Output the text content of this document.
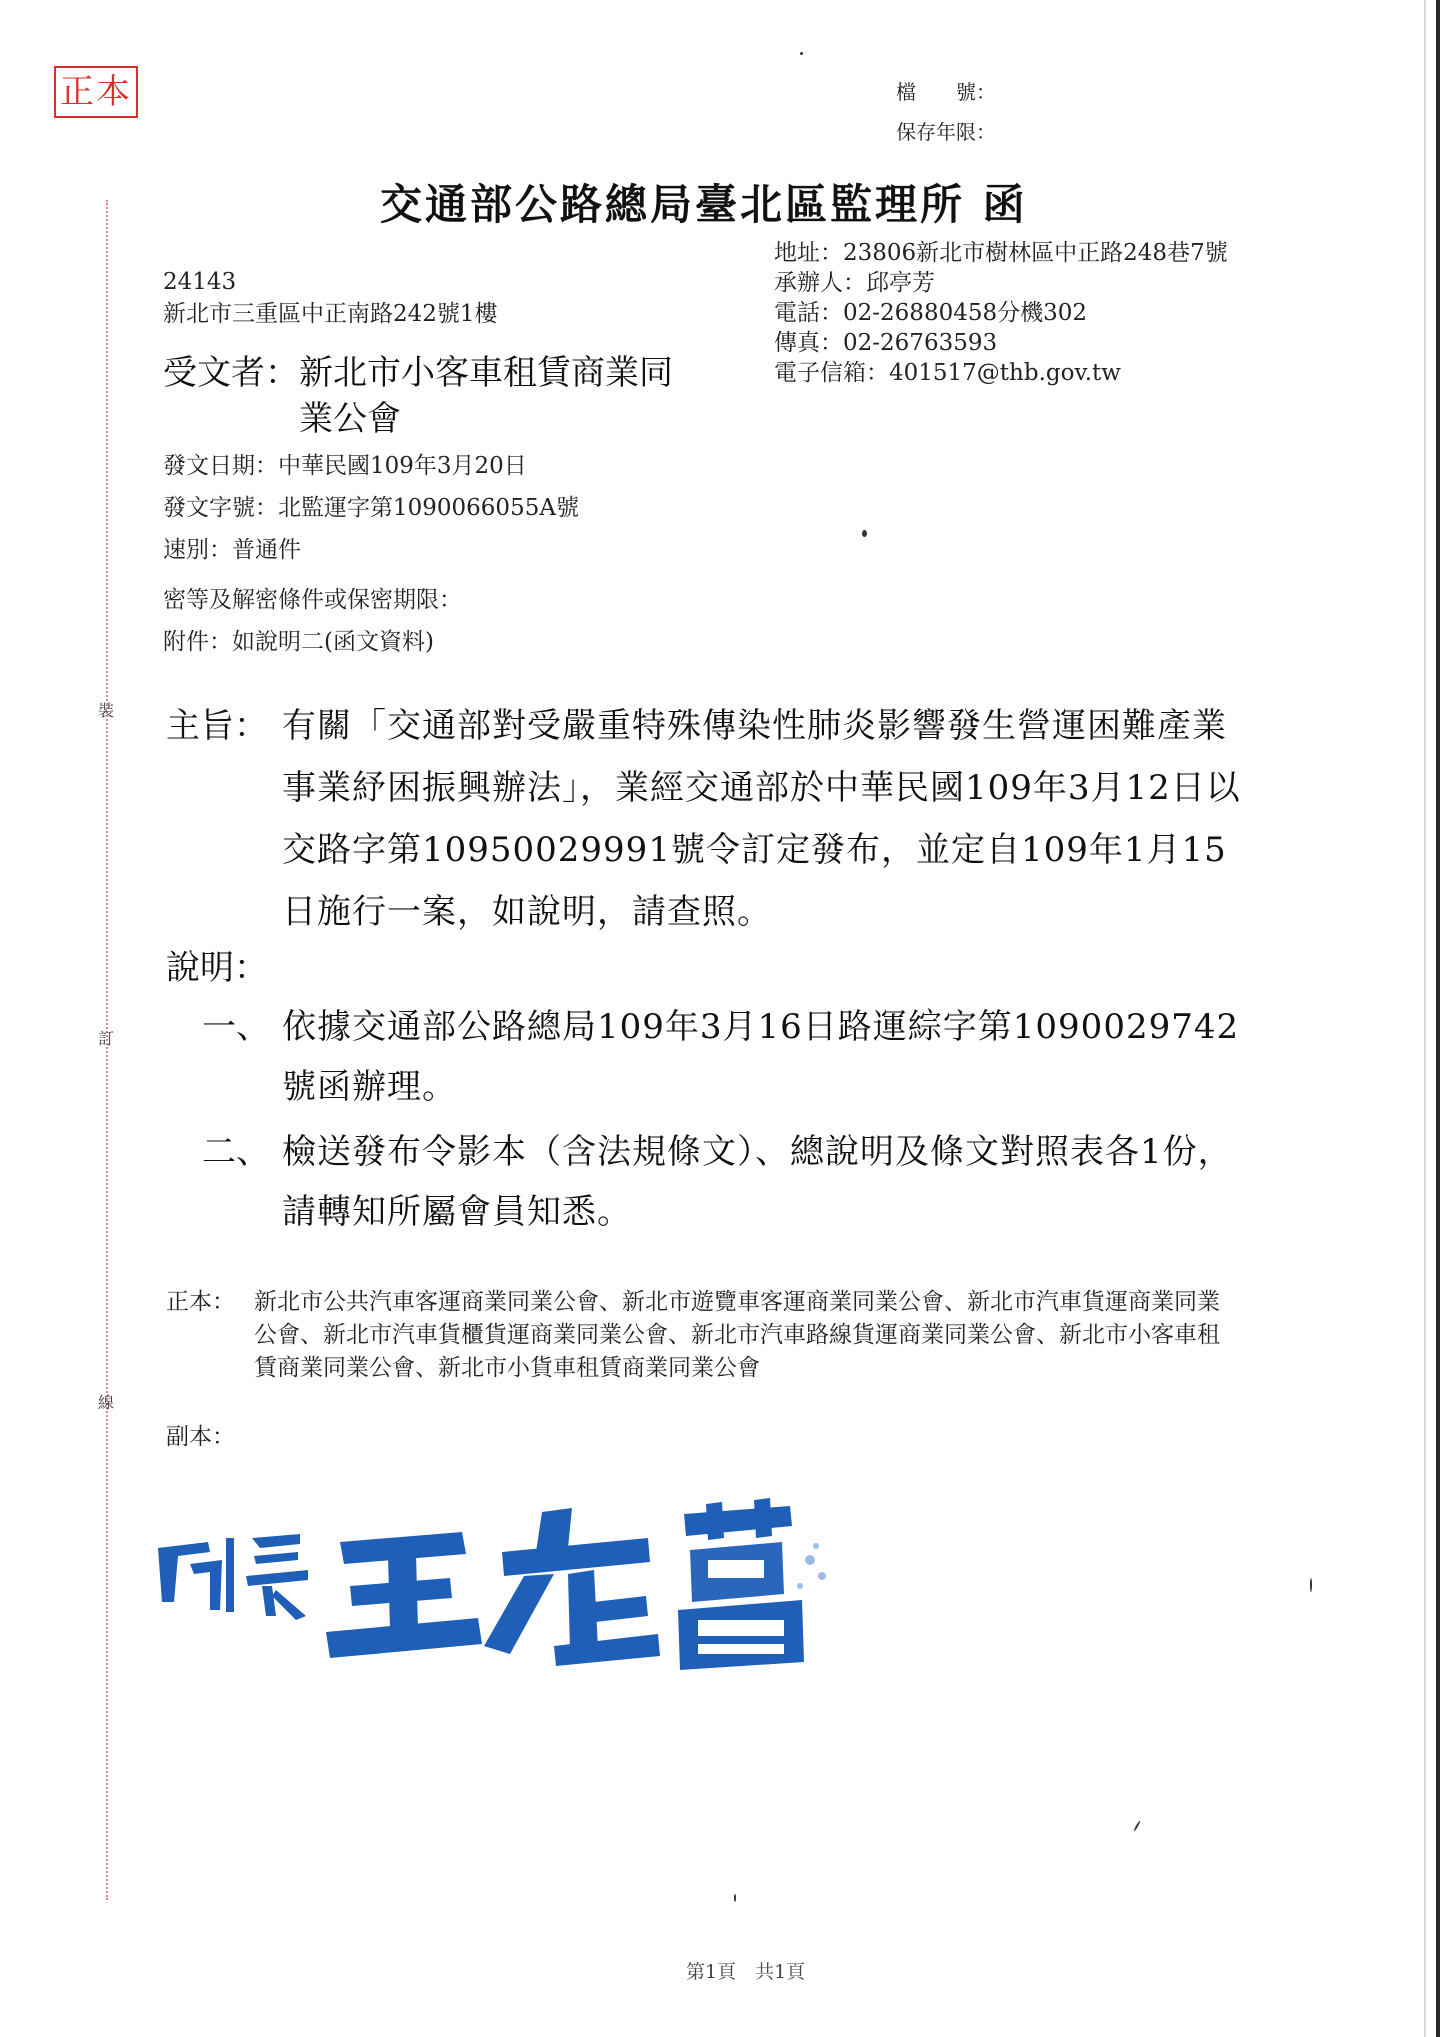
正本
裝
訂
線
檔　　號：
保存年限：
交通部公路總局臺北區監理所 函
地址：23806新北市樹林區中正路248巷7號
承辦人：邱亭芳
電話：02-26880458分機302
傳真：02-26763593
電子信箱：401517@thb.gov.tw
24143
新北市三重區中正南路242號1樓
受文者：新北市小客車租賃商業同業公會
發文日期：中華民國109年3月20日
發文字號：北監運字第1090066055A號
速別：普通件
密等及解密條件或保密期限：
附件：如說明二(函文資料)
主旨： 有關「交通部對受嚴重特殊傳染性肺炎影響發生營運困難產業事業紓困振興辦法」，業經交通部於中華民國109年3月12日以交路字第10950029991號令訂定發布，並定自109年1月15日施行一案，如說明，請查照。
說明：
一、 依據交通部公路總局109年3月16日路運綜字第1090029742號函辦理。
二、 檢送發布令影本（含法規條文）、總說明及條文對照表各1份，請轉知所屬會員知悉。
正本： 新北市公共汽車客運商業同業公會、新北市遊覽車客運商業同業公會、新北市汽車貨運商業同業公會、新北市汽車貨櫃貨運商業同業公會、新北市汽車路線貨運商業同業公會、新北市小客車租賃商業同業公會、新北市小貨車租賃商業同業公會
副本：
第1頁　共1頁
